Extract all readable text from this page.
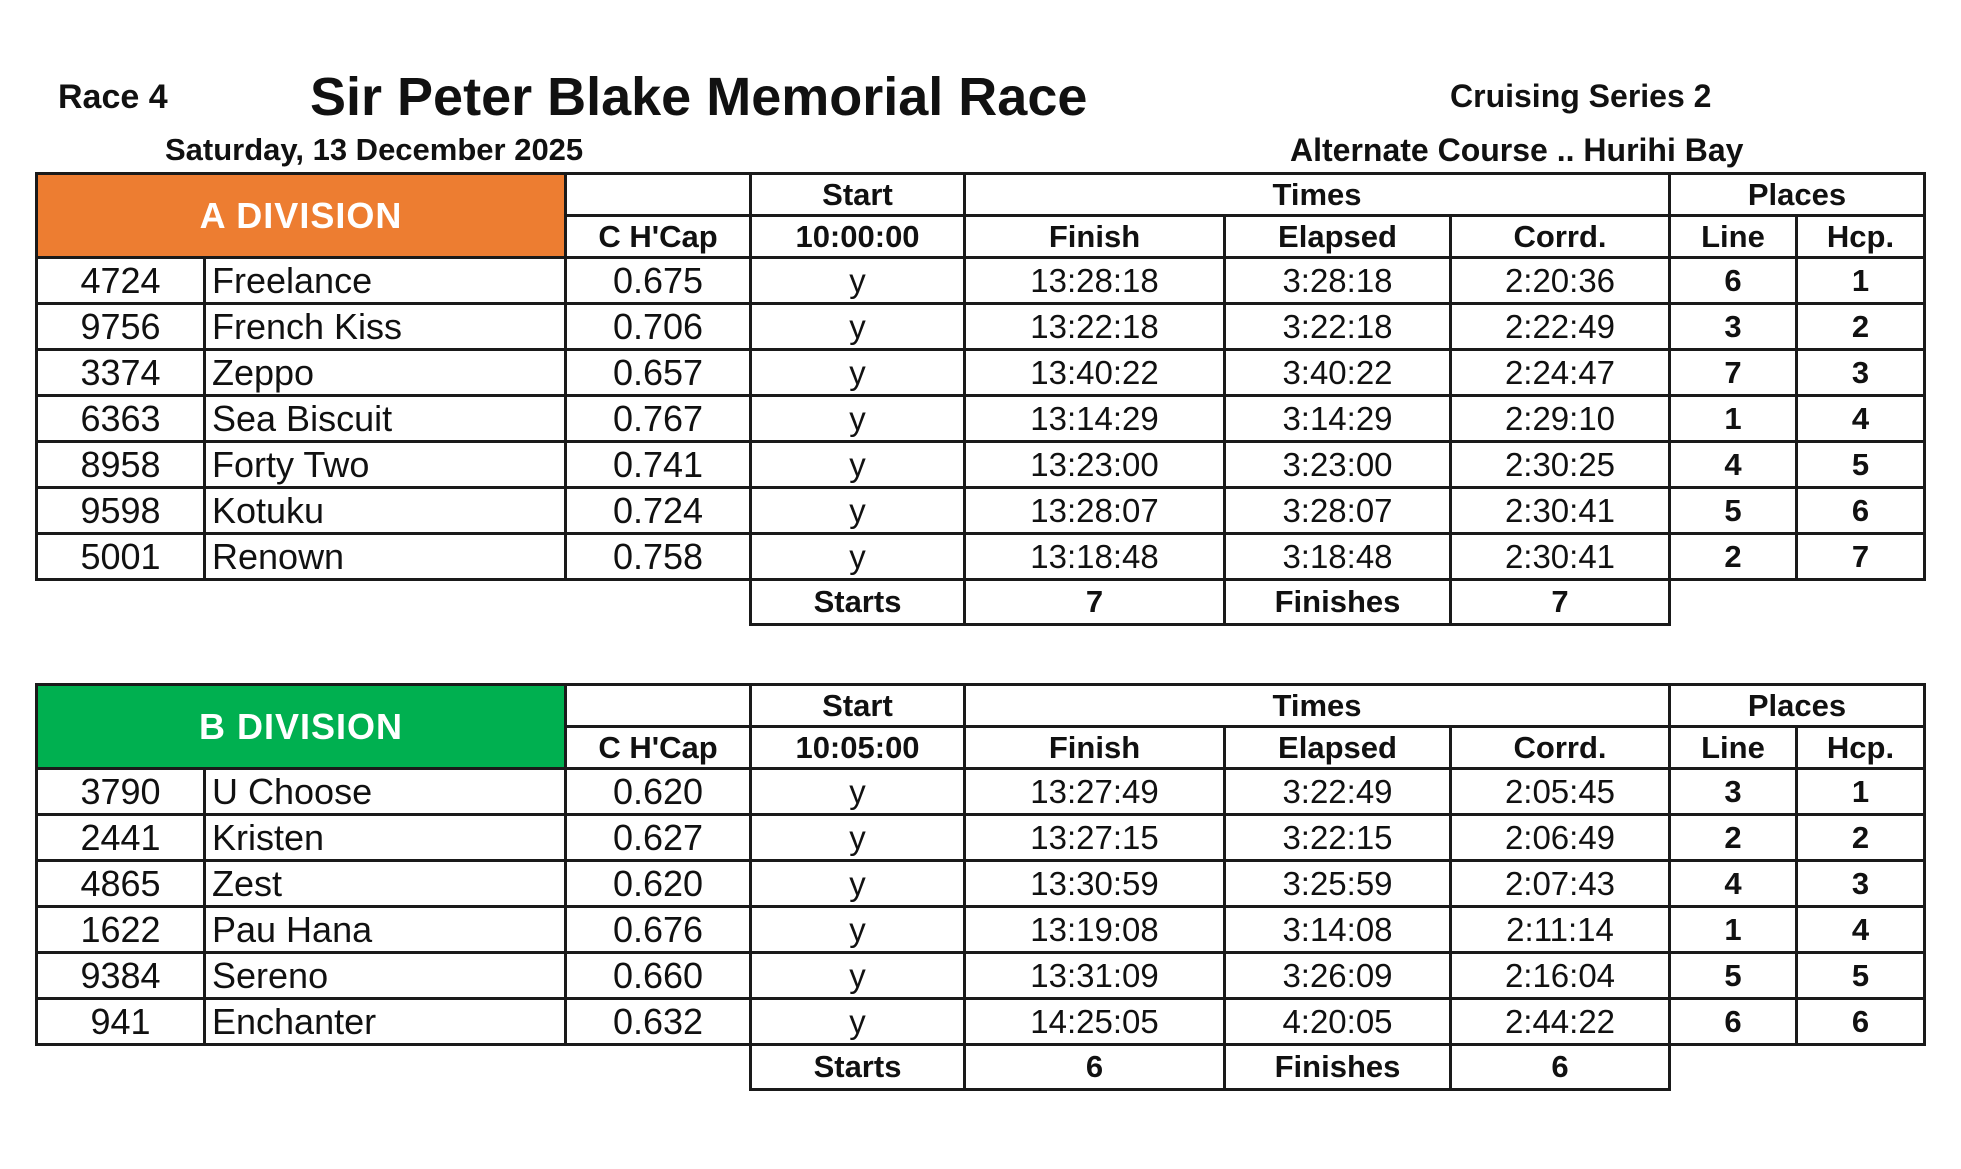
Race 4	Sir Peter Blake Memorial Race	Cruising Series 2
Saturday, 13 December 2025	Alternate Course .. Hurihi Bay
A DIVISION			Start	Times			Places	
		C H'Cap	10:00:00	Finish	Elapsed	Corrd.	Line	Hcp.
4724	Freelance	0.675	y	13:28:18	3:28:18	2:20:36	6	1
9756	French Kiss	0.706	y	13:22:18	3:22:18	2:22:49	3	2
3374	Zeppo	0.657	y	13:40:22	3:40:22	2:24:47	7	3
6363	Sea Biscuit	0.767	y	13:14:29	3:14:29	2:29:10	1	4
8958	Forty Two	0.741	y	13:23:00	3:23:00	2:30:25	4	5
9598	Kotuku	0.724	y	13:28:07	3:28:07	2:30:41	5	6
5001	Renown	0.758	y	13:18:48	3:18:48	2:30:41	2	7
			Starts	7	Finishes	7		
B DIVISION			Start	Times			Places	
		C H'Cap	10:05:00	Finish	Elapsed	Corrd.	Line	Hcp.
3790	U Choose	0.620	y	13:27:49	3:22:49	2:05:45	3	1
2441	Kristen	0.627	y	13:27:15	3:22:15	2:06:49	2	2
4865	Zest	0.620	y	13:30:59	3:25:59	2:07:43	4	3
1622	Pau Hana	0.676	y	13:19:08	3:14:08	2:11:14	1	4
9384	Sereno	0.660	y	13:31:09	3:26:09	2:16:04	5	5
941	Enchanter	0.632	y	14:25:05	4:20:05	2:44:22	6	6
			Starts	6	Finishes	6		
